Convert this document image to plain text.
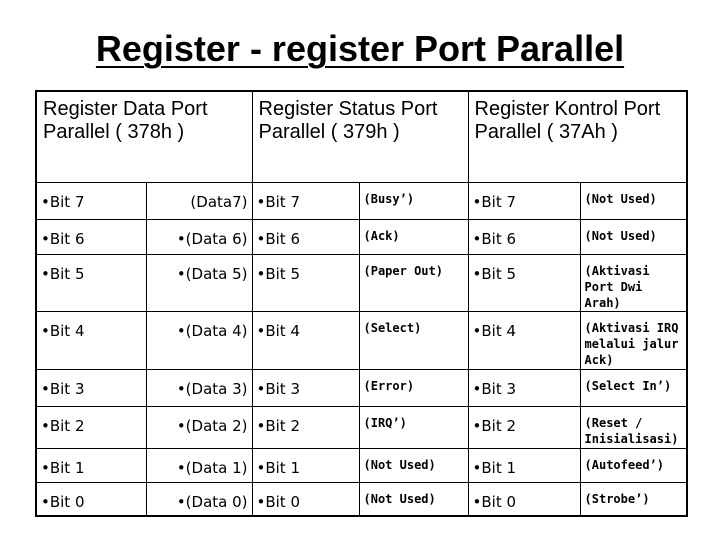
Register - register Port Parallel
Register Data Port Parallel ( 378h )		Register Status Port Parallel ( 379h )		Register Kontrol Port Parallel ( 37Ah )	
•Bit 7	(Data7)	•Bit 7	(Busy’)	•Bit 7	(Not Used)
•Bit 6	•(Data 6)	•Bit 6	(Ack)	•Bit 6	(Not Used)
•Bit 5	•(Data 5)	•Bit 5	(Paper Out)	•Bit 5	(Aktivasi Port Dwi Arah)
•Bit 4	•(Data 4)	•Bit 4	(Select)	•Bit 4	(Aktivasi IRQ melalui jalur Ack)
•Bit 3	•(Data 3)	•Bit 3	(Error)	•Bit 3	(Select In’)
•Bit 2	•(Data 2)	•Bit 2	(IRQ’)	•Bit 2	(Reset / Inisialisasi)
•Bit 1	•(Data 1)	•Bit 1	(Not Used)	•Bit 1	(Autofeed’)
•Bit 0	•(Data 0)	•Bit 0	(Not Used)	•Bit 0	(Strobe’)
